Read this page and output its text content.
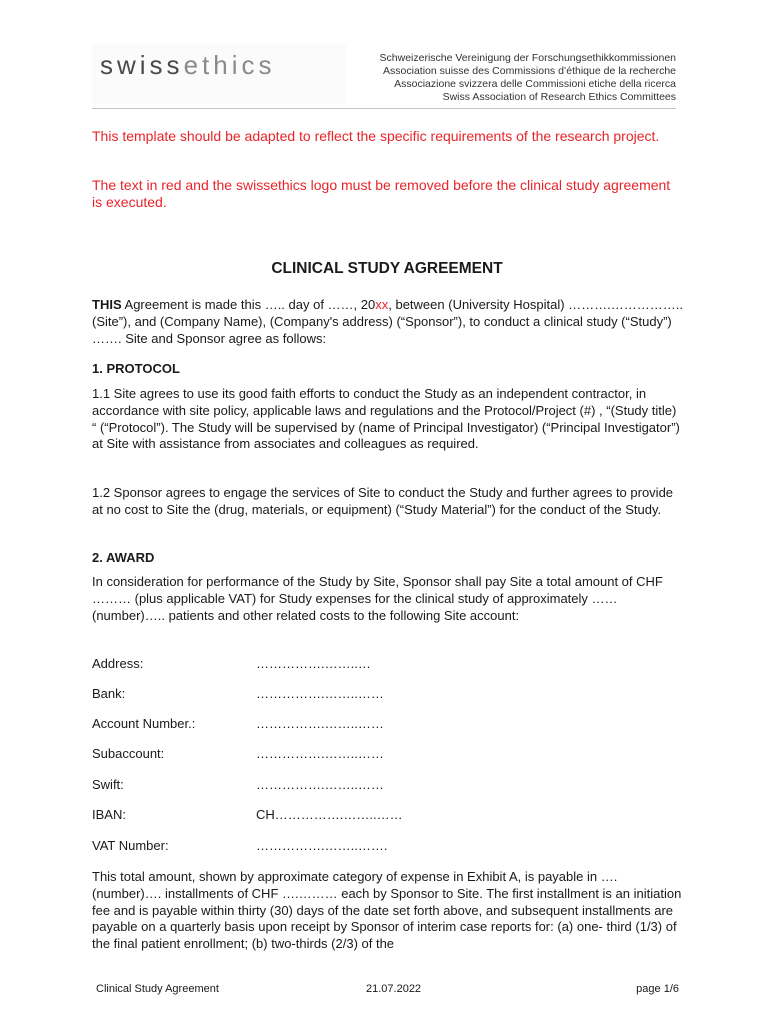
swissethics	Schweizerische Vereinigung der Forschungsethikkommissionen
Association suisse des Commissions d’éthique de la recherche
Associazione svizzera delle Commissioni etiche della ricerca
Swiss Association of Research Ethics Committees
This template should be adapted to reflect the specific requirements of the research project.
The text in red and the swissethics logo must be removed before the clinical study agreement is executed.
CLINICAL STUDY AGREEMENT

THIS Agreement is made this ….. day of ……, 20xx, between (University Hospital) ……….…………….. (Site”), and (Company Name), (Company's address) (“Sponsor”), to conduct a clinical study (“Study”) ……. Site and Sponsor agree as follows:

1. PROTOCOL

1.1 Site agrees to use its good faith efforts to conduct the Study as an independent contractor, in accordance with site policy, applicable laws and regulations and the Protocol/Project (#) , “(Study title) “ (“Protocol”). The Study will be supervised by (name of Principal Investigator) (“Principal Investigator”) at Site with assistance from associates and colleagues as required.

1.2 Sponsor agrees to engage the services of Site to conduct the Study and further agrees to provide at no cost to Site the (drug, materials, or equipment) (“Study Material”) for the conduct of the Study.

2. AWARD

In consideration for performance of the Study by Site, Sponsor shall pay Site a total amount of CHF ……… (plus applicable VAT) for Study expenses for the clinical study of approximately ……(number)….. patients and other related costs to the following Site account:

Address:	…………….……..…
Bank:	…………….……..……
Account Number.:	…………….……..……
Subaccount:	…………….……..……
Swift:	…………….……..……
IBAN:	CH…………….……..……
VAT Number:	…………….……..…….

This total amount, shown by approximate category of expense in Exhibit A, is payable in …. (number)…. installments of CHF ….……… each by Sponsor to Site. The first installment is an initiation fee and is payable within thirty (30) days of the date set forth above, and subsequent installments are payable on a quarterly basis upon receipt by Sponsor of interim case reports for: (a) one- third (1/3) of the final patient enrollment; (b) two-thirds (2/3) of the

Clinical Study Agreement	21.07.2022	page 1/6
